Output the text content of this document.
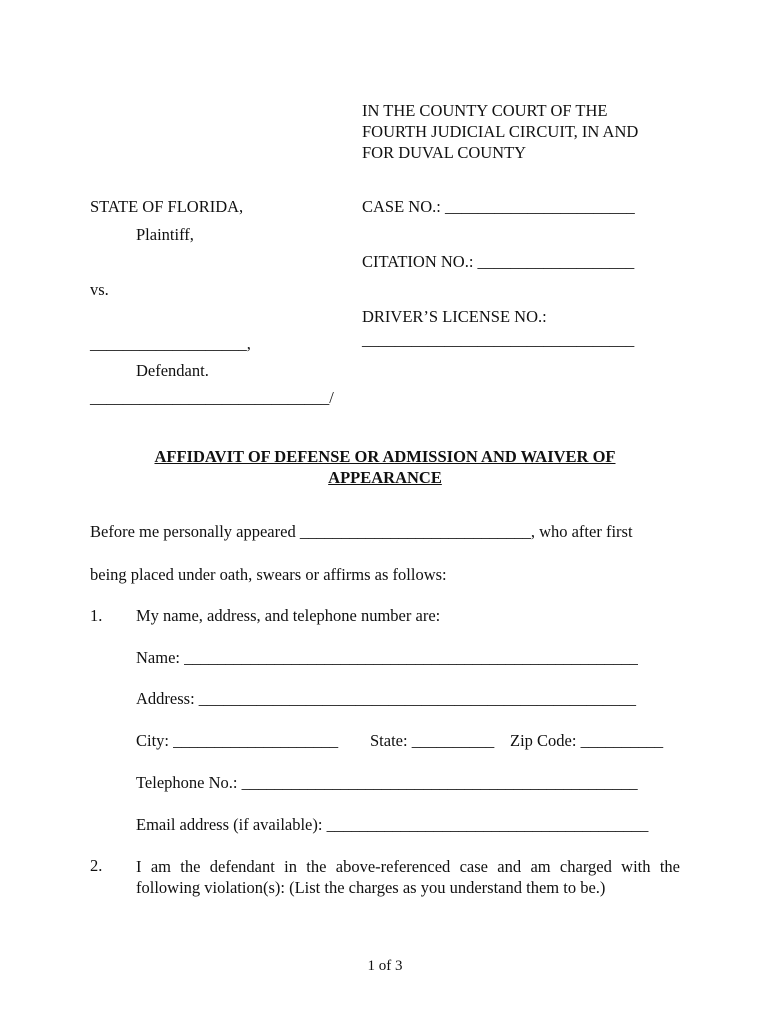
IN THE COUNTY COURT OF THE
FOURTH JUDICIAL CIRCUIT, IN AND
FOR DUVAL COUNTY
STATE OF FLORIDA,
Plaintiff,
vs.
___________________,
Defendant.
_____________________________/
CASE NO.: _______________________
CITATION NO.: ___________________
DRIVER’S LICENSE NO.:
_________________________________
AFFIDAVIT OF DEFENSE OR ADMISSION AND WAIVER OF
APPEARANCE
Before me personally appeared ____________________________, who after first
being placed under oath, swears or affirms as follows:
1. My name, address, and telephone number are:
Name: _______________________________________________________
Address: _____________________________________________________
City: ____________________ State: __________ Zip Code: __________
Telephone No.: ________________________________________________
Email address (if available): _______________________________________
2. I am the defendant in the above-referenced case and am charged with the
following violation(s): (List the charges as you understand them to be.)
1 of 3
